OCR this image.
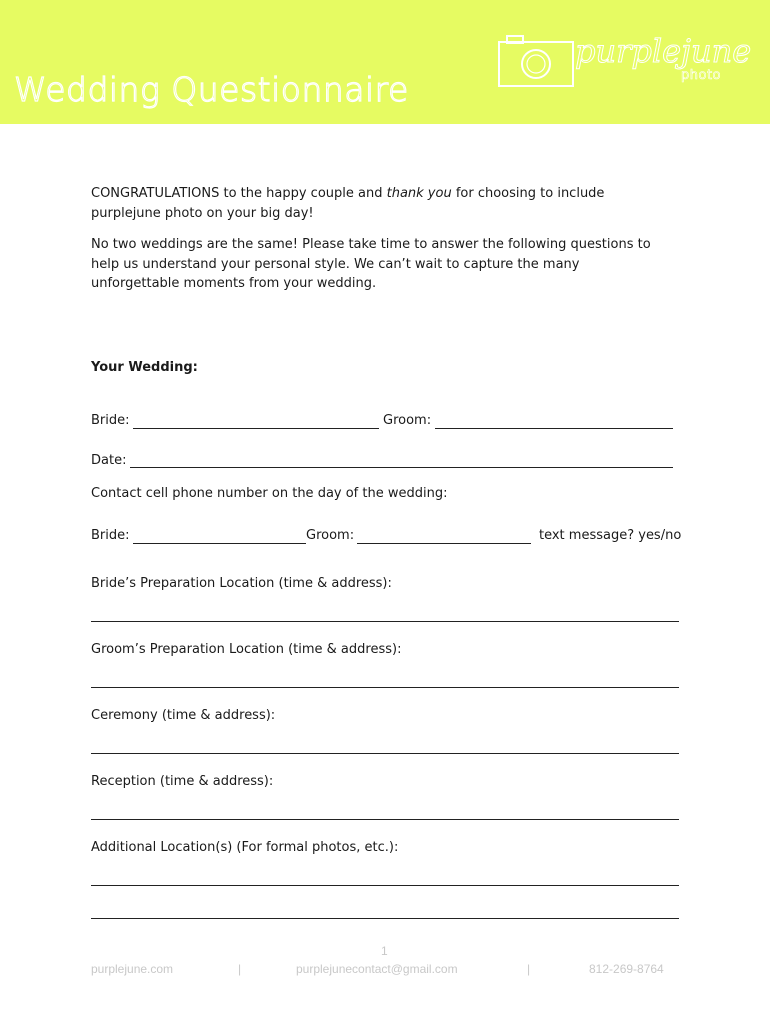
Wedding Questionnaire
purplejune
photo
CONGRATULATIONS to the happy couple and thank you for choosing to include purplejune photo on your big day!
No two weddings are the same! Please take time to answer the following questions to help us understand your personal style. We can’t wait to capture the many unforgettable moments from your wedding.
Your Wedding:
Bride:	Groom:
Date:
Contact cell phone number on the day of the wedding:
Bride:	Groom:	text message? yes/no
Bride’s Preparation Location (time & address):
Groom’s Preparation Location (time & address):
Ceremony (time & address):
Reception (time & address):
Additional Location(s) (For formal photos, etc.):
1
purplejune.com	|	purplejunecontact@gmail.com	|	812-269-8764
